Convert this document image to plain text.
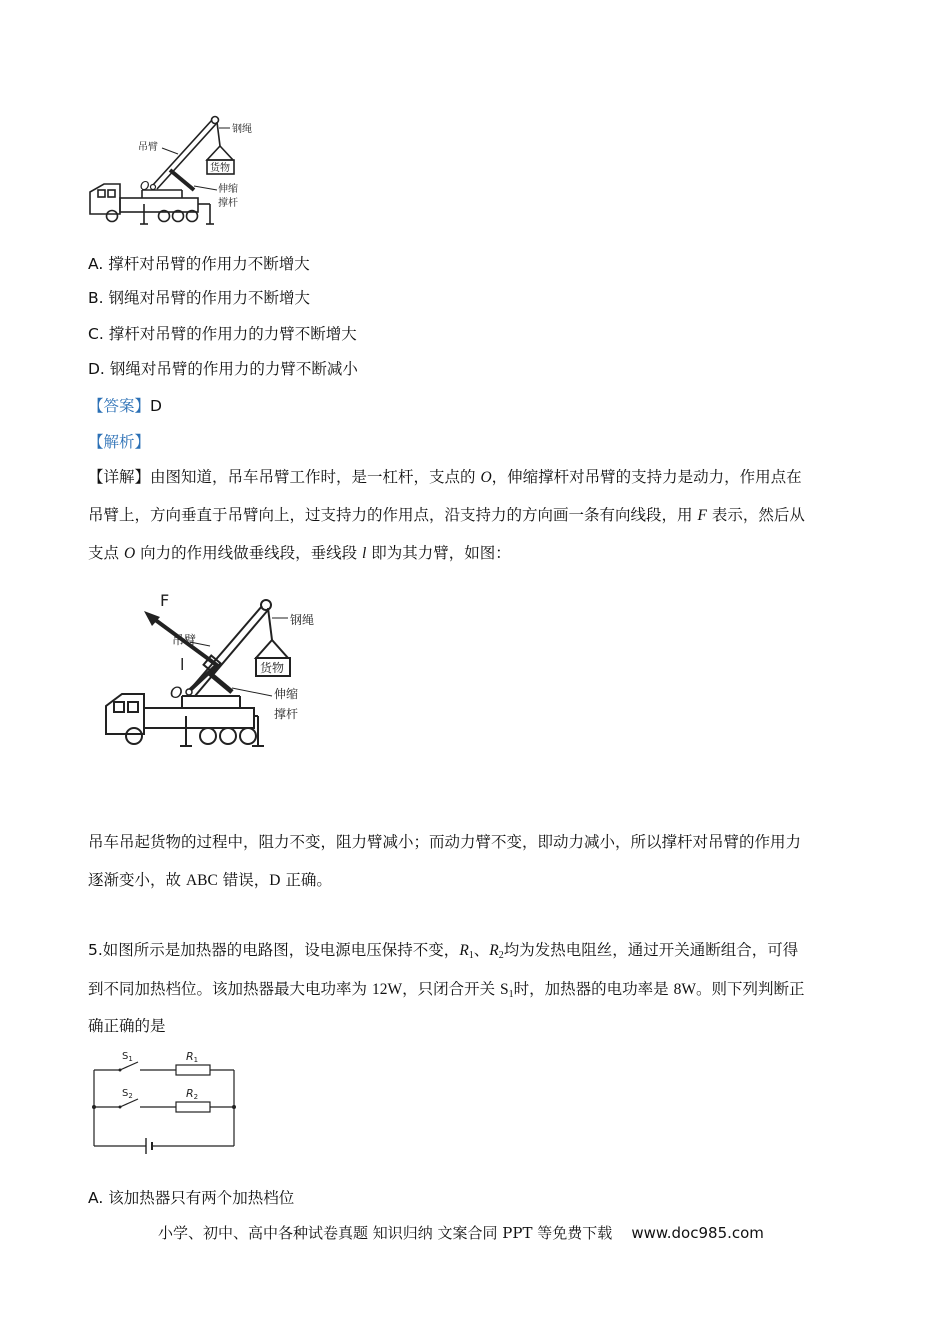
吊臂
钢绳
货物
O	伸缩
撑杆
A. 撑杆对吊臂的作用力不断增大
B. 钢绳对吊臂的作用力不断增大
C. 撑杆对吊臂的作用力的力臂不断增大
D. 钢绳对吊臂的作用力的力臂不断减小
【答案】D
【解析】
【详解】由图知道，吊车吊臂工作时，是一杠杆，支点的 O，伸缩撑杆对吊臂的支持力是动力，作用点在
吊臂上，方向垂直于吊臂向上，过支持力的作用点，沿支持力的方向画一条有向线段，用 F 表示，然后从
支点 O 向力的作用线做垂线段，垂线段 l 即为其力臂，如图：
F
l
吊臂
钢绳
货物
O	伸缩
撑杆
吊车吊起货物的过程中，阻力不变，阻力臂减小；而动力臂不变，即动力减小，所以撑杆对吊臂的作用力
逐渐变小，故 ABC 错误，D 正确。
5.如图所示是加热器的电路图，设电源电压保持不变，$R_1$、$R_2$均为发热电阻丝，通过开关通断组合，可得
到不同加热档位。该加热器最大电功率为 12W，只闭合开关 $S_1$时，加热器的电功率是 8W。则下列判断正
确正确的是
$S_1$	R1
$S_2$	R2
A. 该加热器只有两个加热档位
小学、初中、高中各种试卷真题 知识归纳 文案合同 PPT 等免费下载 www.doc985.com
